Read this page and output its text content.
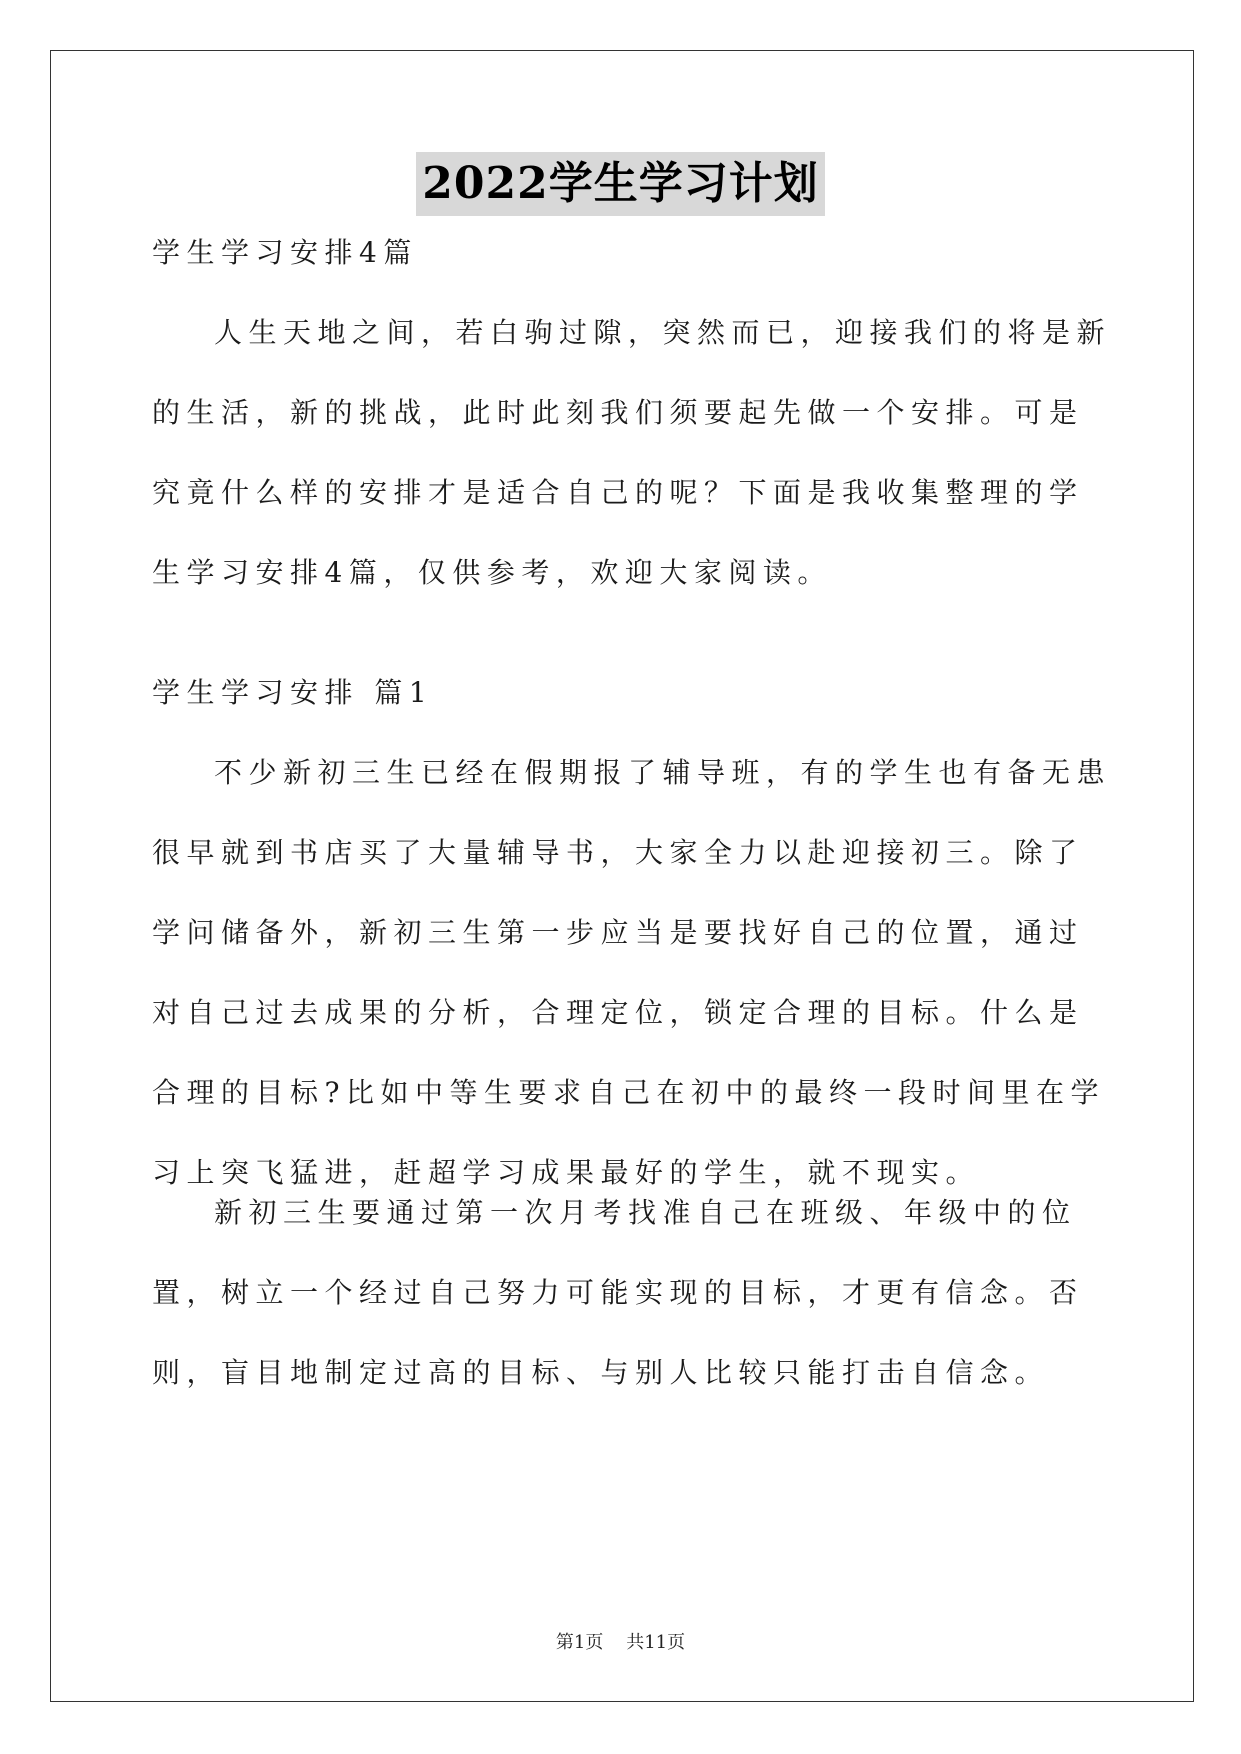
2022学生学习计划

学生学习安排4篇

人生天地之间，若白驹过隙，突然而已，迎接我们的将是新的生活，新的挑战，此时此刻我们须要起先做一个安排。可是究竟什么样的安排才是适合自己的呢？下面是我收集整理的学生学习安排4篇，仅供参考，欢迎大家阅读。

学生学习安排 篇1

不少新初三生已经在假期报了辅导班，有的学生也有备无患很早就到书店买了大量辅导书，大家全力以赴迎接初三。除了学问储备外，新初三生第一步应当是要找好自己的位置，通过对自己过去成果的分析，合理定位，锁定合理的目标。什么是合理的目标?比如中等生要求自己在初中的最终一段时间里在学习上突飞猛进，赶超学习成果最好的学生，就不现实。

新初三生要通过第一次月考找准自己在班级、年级中的位置，树立一个经过自己努力可能实现的目标，才更有信念。否则，盲目地制定过高的目标、与别人比较只能打击自信念。

第1页 共11页
